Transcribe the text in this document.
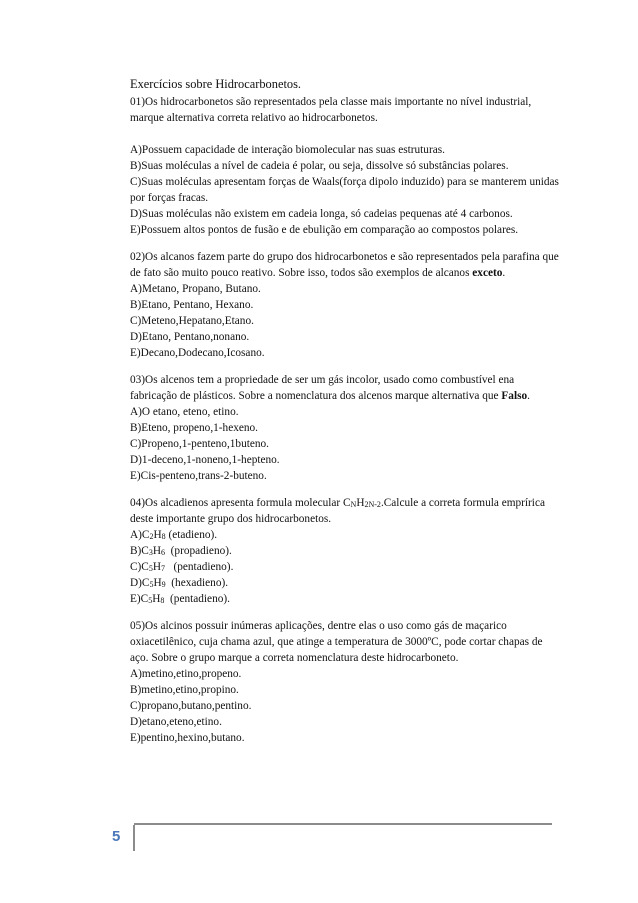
Exercícios sobre Hidrocarbonetos.
01)Os hidrocarbonetos são representados pela classe mais importante no nível industrial, marque alternativa correta relativo ao hidrocarbonetos.
A)Possuem capacidade de interação biomolecular nas suas estruturas.
B)Suas moléculas a nível de cadeia é polar, ou seja, dissolve só substâncias polares.
C)Suas moléculas apresentam forças de Waals(força dipolo induzido) para se manterem unidas por forças fracas.
D)Suas moléculas não existem em cadeia longa, só cadeias pequenas até 4 carbonos.
E)Possuem altos pontos de fusão e de ebulição em comparação ao compostos polares.
02)Os alcanos fazem parte do grupo dos hidrocarbonetos e são representados pela parafina que de fato são muito pouco reativo. Sobre isso, todos são exemplos de alcanos exceto.
A)Metano, Propano, Butano.
B)Etano, Pentano, Hexano.
C)Meteno,Hepatano,Etano.
D)Etano, Pentano,nonano.
E)Decano,Dodecano,Icosano.
03)Os alcenos tem a propriedade de ser um gás incolor, usado como combustível ena fabricação de plásticos. Sobre a nomenclatura dos alcenos marque alternativa que Falso.
A)O etano, eteno, etino.
B)Eteno, propeno,1-hexeno.
C)Propeno,1-penteno,1buteno.
D)1-deceno,1-noneno,1-hepteno.
E)Cis-penteno,trans-2-buteno.
04)Os alcadienos apresenta formula molecular CNH2N-2.Calcule a correta formula emprírica deste importante grupo dos hidrocarbonetos.
A)C2H8 (etadieno).
B)C3H6  (propadieno).
C)C5H7   (pentadieno).
D)C5H9  (hexadieno).
E)C5H8  (pentadieno).
05)Os alcinos possuir inúmeras aplicações, dentre elas o uso como gás de maçarico oxiacetilênico, cuja chama azul, que atinge a temperatura de 3000ºC, pode cortar chapas de aço. Sobre o grupo marque a correta nomenclatura deste hidrocarboneto.
A)metino,etino,propeno.
B)metino,etino,propino.
C)propano,butano,pentino.
D)etano,eteno,etino.
E)pentino,hexino,butano.
5
